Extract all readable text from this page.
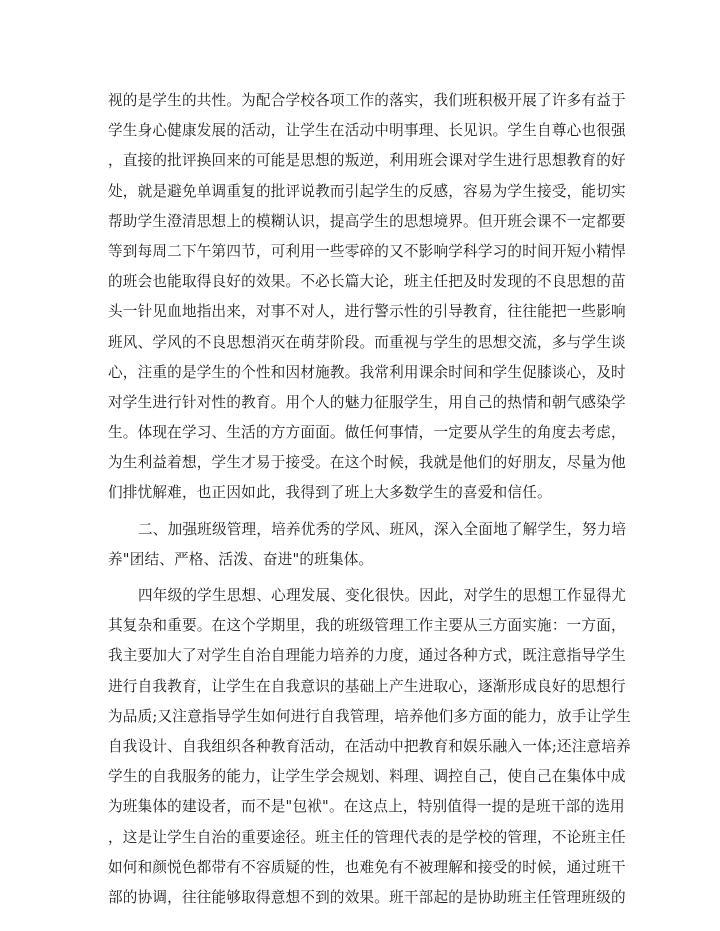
视的是学生的共性。为配合学校各项工作的落实，我们班积极开展了许多有益于
学生身心健康发展的活动，让学生在活动中明事理、长见识。学生自尊心也很强
，直接的批评换回来的可能是思想的叛逆，利用班会课对学生进行思想教育的好
处，就是避免单调重复的批评说教而引起学生的反感，容易为学生接受，能切实
帮助学生澄清思想上的模糊认识，提高学生的思想境界。但开班会课不一定都要
等到每周二下午第四节，可利用一些零碎的又不影响学科学习的时间开短小精悍
的班会也能取得良好的效果。不必长篇大论，班主任把及时发现的不良思想的苗
头一针见血地指出来，对事不对人，进行警示性的引导教育，往往能把一些影响
班风、学风的不良思想消灭在萌芽阶段。而重视与学生的思想交流，多与学生谈
心，注重的是学生的个性和因材施教。我常利用课余时间和学生促膝谈心，及时
对学生进行针对性的教育。用个人的魅力征服学生，用自己的热情和朝气感染学
生。体现在学习、生活的方方面面。做任何事情，一定要从学生的角度去考虑，
为生利益着想，学生才易于接受。在这个时候，我就是他们的好朋友，尽量为他
们排忧解难，也正因如此，我得到了班上大多数学生的喜爱和信任。
二、加强班级管理，培养优秀的学风、班风，深入全面地了解学生，努力培
养"团结、严格、活泼、奋进"的班集体。
四年级的学生思想、心理发展、变化很快。因此，对学生的思想工作显得尤
其复杂和重要。在这个学期里，我的班级管理工作主要从三方面实施：一方面，
我主要加大了对学生自治自理能力培养的力度，通过各种方式，既注意指导学生
进行自我教育，让学生在自我意识的基础上产生进取心，逐渐形成良好的思想行
为品质;又注意指导学生如何进行自我管理，培养他们多方面的能力，放手让学生
自我设计、自我组织各种教育活动，在活动中把教育和娱乐融入一体;还注意培养
学生的自我服务的能力，让学生学会规划、料理、调控自己，使自己在集体中成
为班集体的建设者，而不是"包袱"。在这点上，特别值得一提的是班干部的选用
，这是让学生自治的重要途径。班主任的管理代表的是学校的管理，不论班主任
如何和颜悦色都带有不容质疑的性，也难免有不被理解和接受的时候，通过班干
部的协调，往往能够取得意想不到的效果。班干部起的是协助班主任管理班级的
